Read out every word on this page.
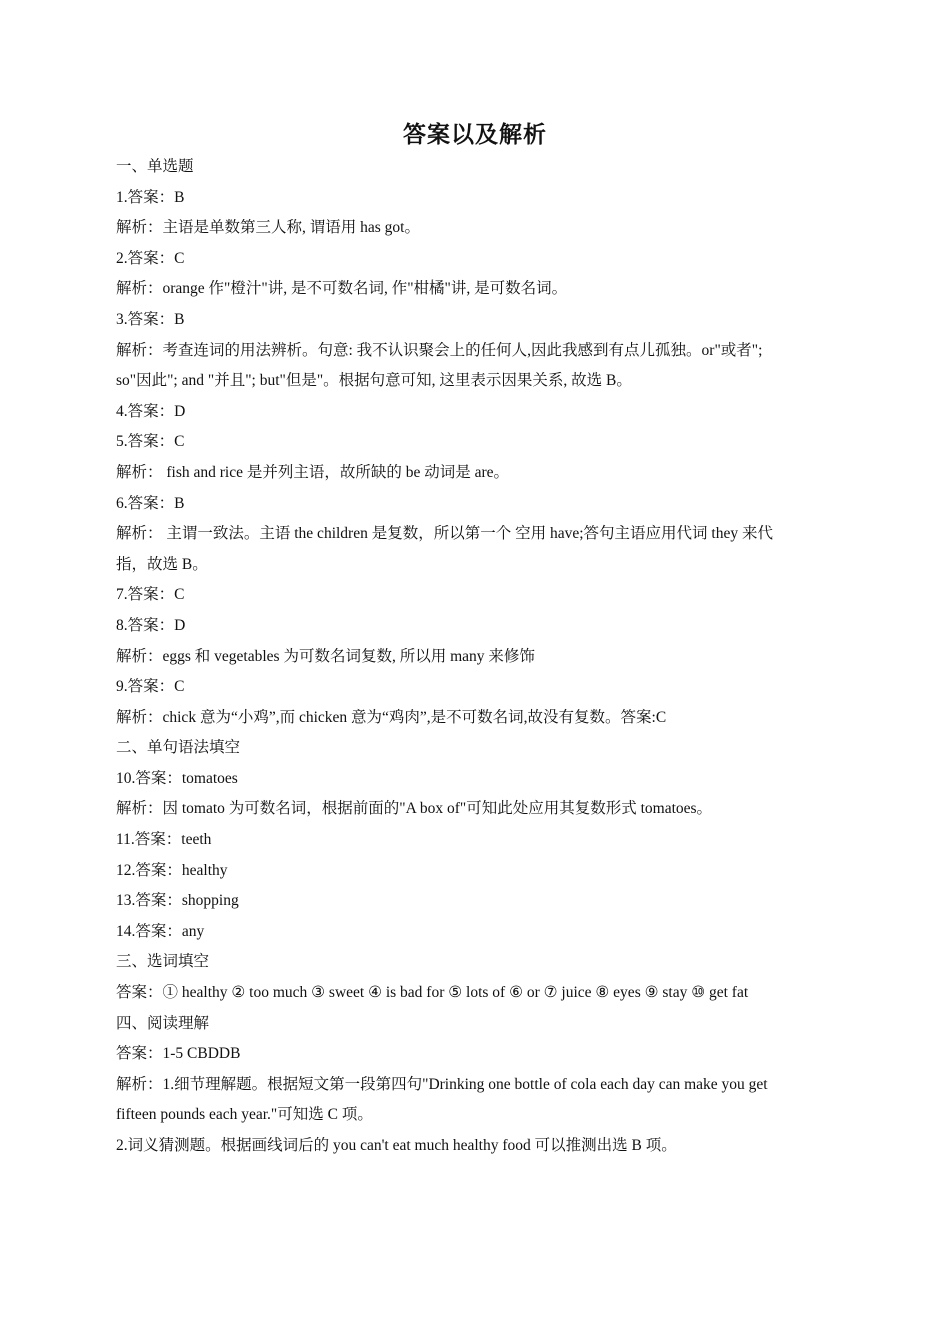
答案以及解析
一、单选题
1.答案：B
解析：主语是单数第三人称, 谓语用 has got。
2.答案：C
解析：orange 作"橙汁"讲, 是不可数名词, 作"柑橘"讲, 是可数名词。
3.答案：B
解析：考查连词的用法辨析。句意: 我不认识聚会上的任何人,因此我感到有点儿孤独。or"或者";
so"因此"; and "并且"; but"但是"。根据句意可知, 这里表示因果关系, 故选 B。
4.答案：D
5.答案：C
解析： fish and rice 是并列主语，故所缺的 be 动词是 are。
6.答案：B
解析： 主谓一致法。主语 the children 是复数，所以第一个 空用 have;答句主语应用代词 they 来代
指，故选 B。
7.答案：C
8.答案：D
解析：eggs 和 vegetables 为可数名词复数, 所以用 many 来修饰
9.答案：C
解析：chick 意为“小鸡”,而 chicken 意为“鸡肉”,是不可数名词,故没有复数。答案:C
二、单句语法填空
10.答案：tomatoes
解析：因 tomato 为可数名词，根据前面的"A box of"可知此处应用其复数形式 tomatoes。
11.答案：teeth
12.答案：healthy
13.答案：shopping
14.答案：any
三、选词填空
答案：① healthy ② too much ③ sweet ④ is bad for ⑤ lots of ⑥ or ⑦ juice ⑧ eyes ⑨ stay ⑩ get fat
四、阅读理解
答案：1-5 CBDDB
解析：1.细节理解题。根据短文第一段第四句"Drinking one bottle of cola each day can make you get
fifteen pounds each year."可知选 C 项。
2.词义猜测题。根据画线词后的 you can't eat much healthy food 可以推测出选 B 项。
